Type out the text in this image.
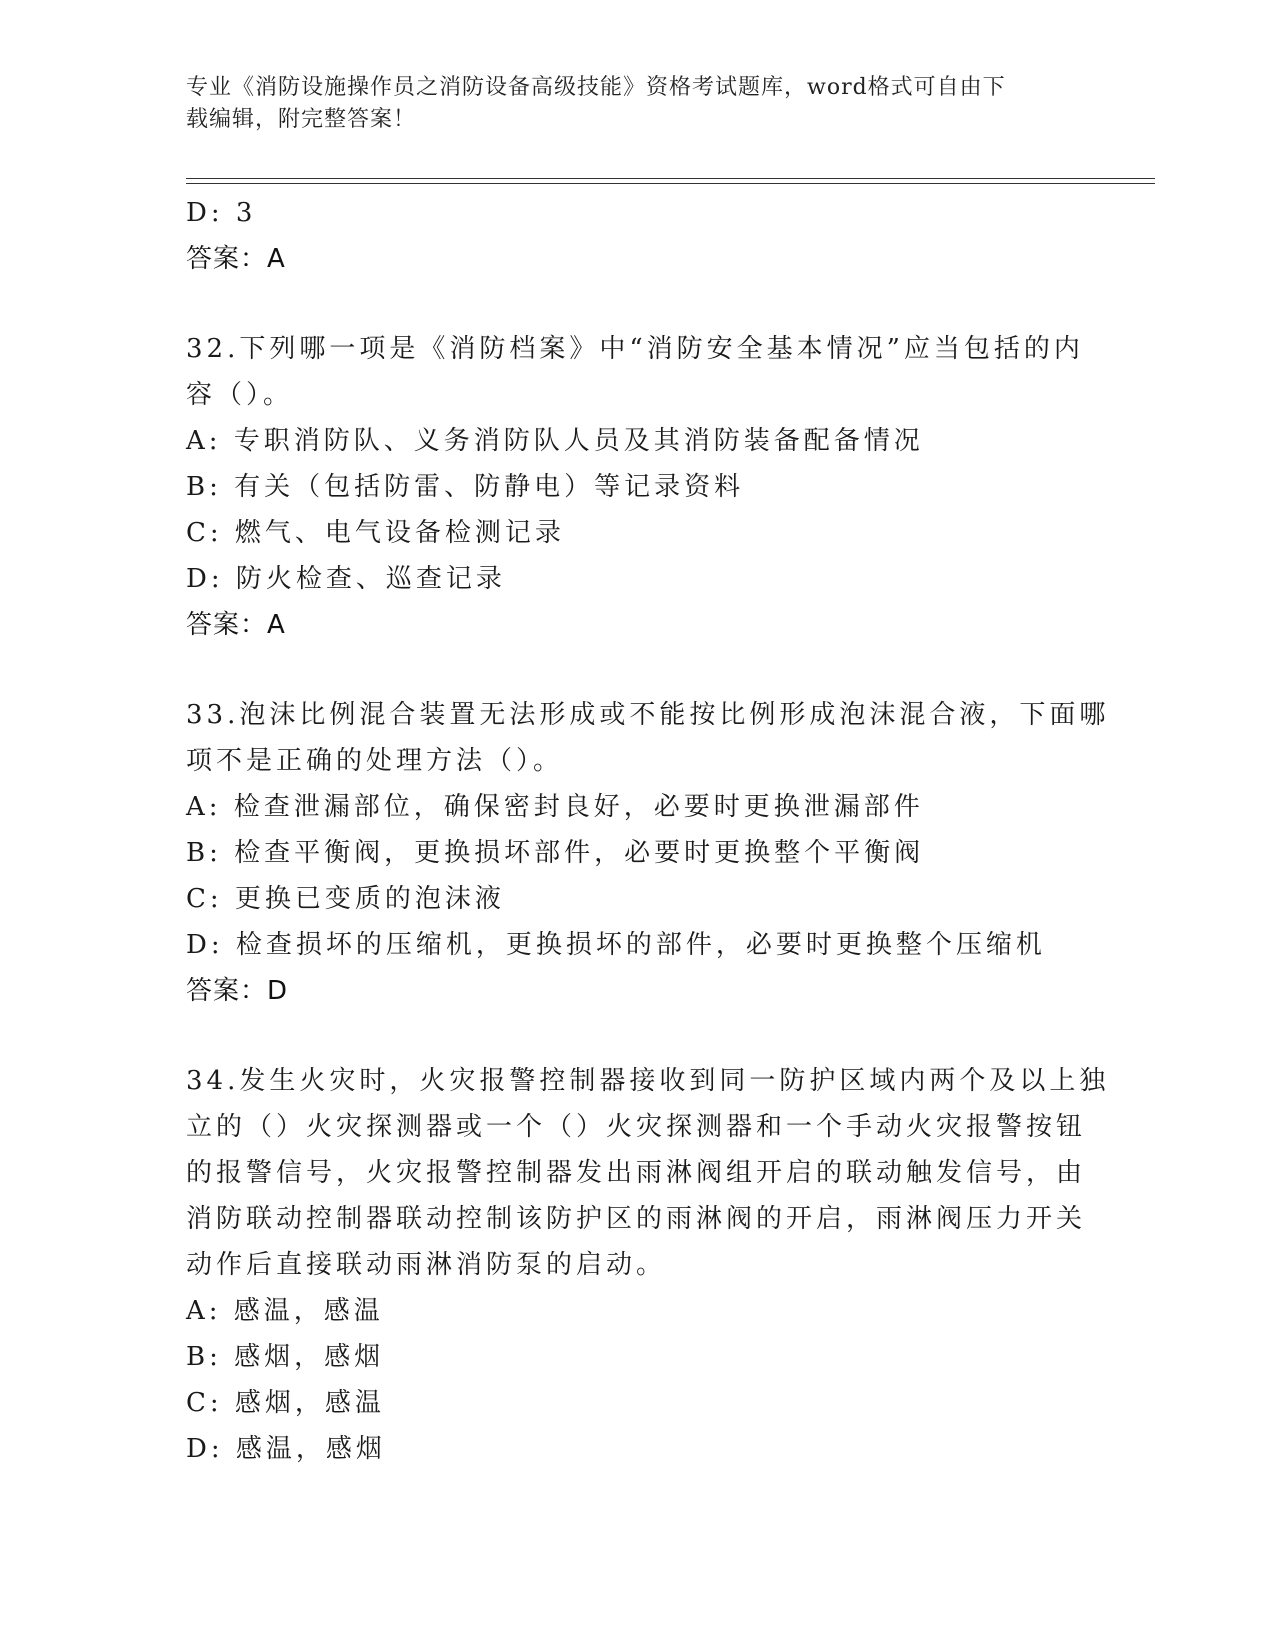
专业《消防设施操作员之消防设备高级技能》资格考试题库，word格式可自由下
载编辑，附完整答案！
D: 3
答案：A
32.下列哪一项是《消防档案》中“消防安全基本情况”应当包括的内
容（）。
A: 专职消防队、义务消防队人员及其消防装备配备情况
B: 有关（包括防雷、防静电）等记录资料
C: 燃气、电气设备检测记录
D: 防火检查、巡查记录
答案：A
33.泡沫比例混合装置无法形成或不能按比例形成泡沫混合液，下面哪
项不是正确的处理方法（）。
A: 检查泄漏部位，确保密封良好，必要时更换泄漏部件
B: 检查平衡阀，更换损坏部件，必要时更换整个平衡阀
C: 更换已变质的泡沫液
D: 检查损坏的压缩机，更换损坏的部件，必要时更换整个压缩机
答案：D
34.发生火灾时，火灾报警控制器接收到同一防护区域内两个及以上独
立的（）火灾探测器或一个（）火灾探测器和一个手动火灾报警按钮
的报警信号，火灾报警控制器发出雨淋阀组开启的联动触发信号，由
消防联动控制器联动控制该防护区的雨淋阀的开启，雨淋阀压力开关
动作后直接联动雨淋消防泵的启动。
A: 感温，感温
B: 感烟，感烟
C: 感烟，感温
D: 感温，感烟
